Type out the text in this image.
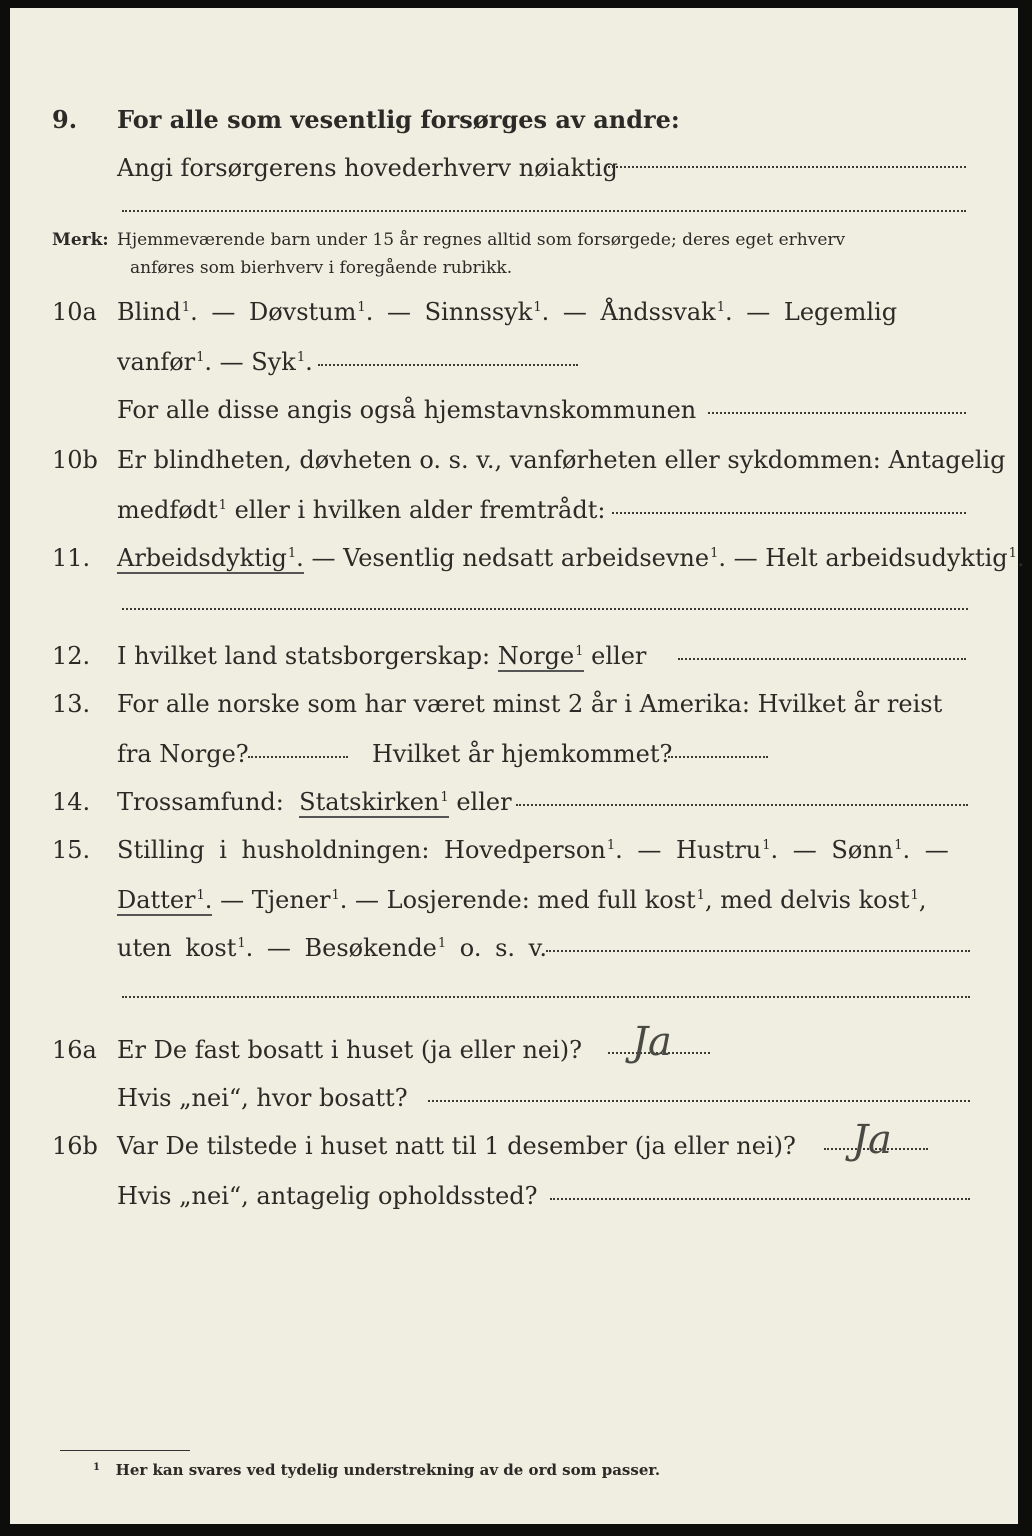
9. For alle som vesentlig forsørges av andre:
Angi forsørgerens hovederhverv nøiaktig
Merk: Hjemmeværende barn under 15 år regnes alltid som forsørgede; deres eget erhverv
anføres som bierhverv i foregående rubrikk.
10a Blind$^1$. — Døvstum$^1$. — Sinnssyk$^1$. — Åndssvak$^1$. — Legemlig
vanfør$^1$. — Syk$^1$.
For alle disse angis også hjemstavnskommunen
10b Er blindheten, døvheten o. s. v., vanførheten eller sykdommen: Antagelig
medfødt$^1$ eller i hvilken alder fremtrådt:
11. Arbeidsdyktig$^1$. — Vesentlig nedsatt arbeidsevne$^1$. — Helt arbeidsudyktig$^1$.
12. I hvilket land statsborgerskap: Norge$^1$ eller
13. For alle norske som har været minst 2 år i Amerika: Hvilket år reist
fra Norge?	Hvilket år hjemkommet?
14. Trossamfund: Statskirken$^1$ eller
15. Stilling i husholdningen: Hovedperson$^1$. — Hustru$^1$. — Sønn$^1$. —
Datter$^1$. — Tjener$^1$. — Losjerende: med full kost$^1$, med delvis kost$^1$,
uten kost$^1$. — Besøkende$^1$ o. s. v.
16a Er De fast bosatt i huset (ja eller nei)? Ja
Hvis „nei“, hvor bosatt?
16b Var De tilstede i huset natt til 1 desember (ja eller nei)? Ja
Hvis „nei“, antagelig opholdssted?
$^1$ Her kan svares ved tydelig understrekning av de ord som passer.
